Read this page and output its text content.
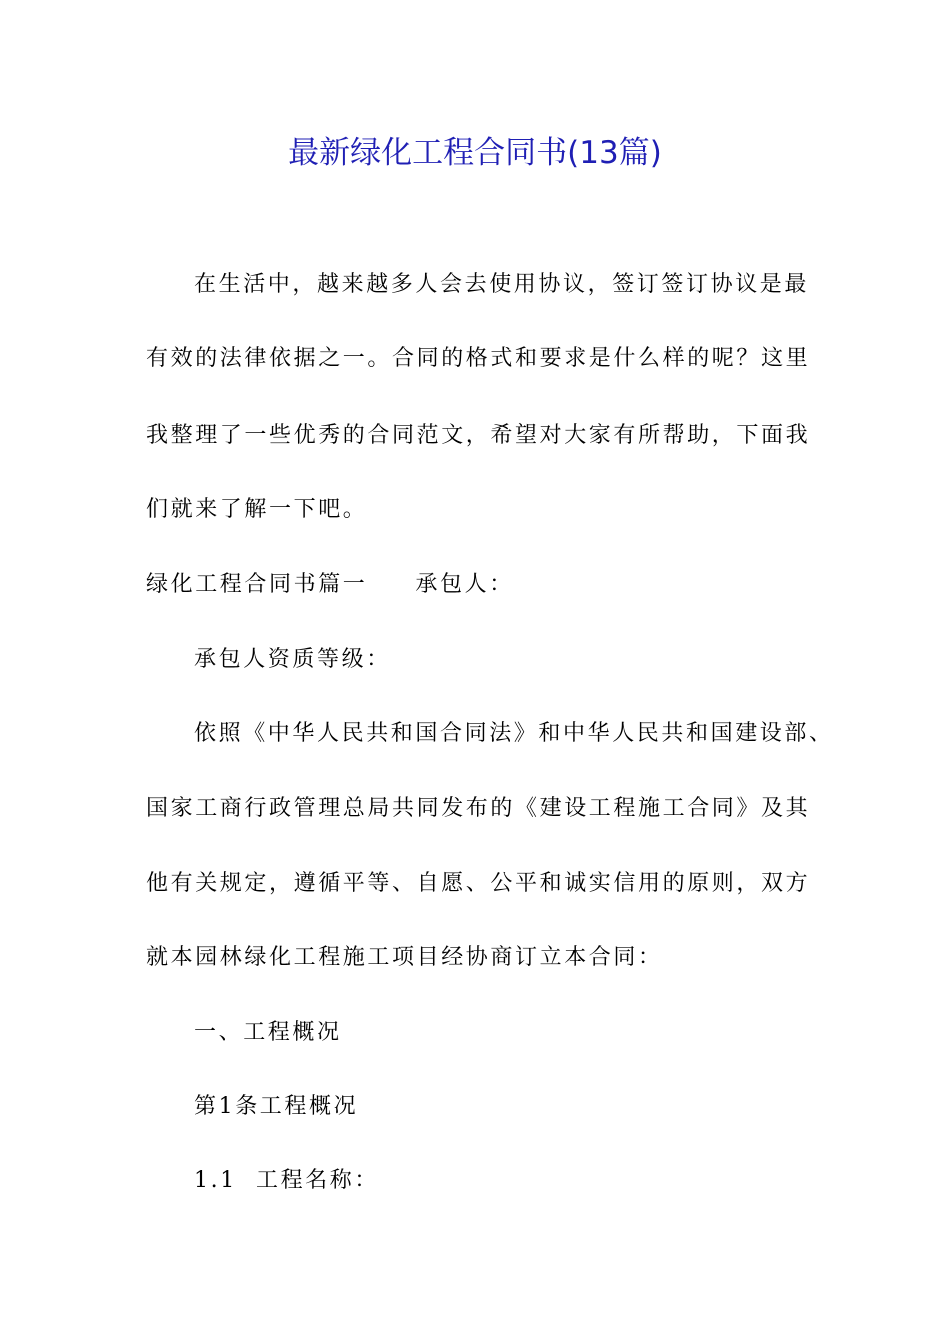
最新绿化工程合同书(13篇)

在生活中，越来越多人会去使用协议，签订签订协议是最

有效的法律依据之一。合同的格式和要求是什么样的呢？这里

我整理了一些优秀的合同范文，希望对大家有所帮助，下面我

们就来了解一下吧。

绿化工程合同书篇一 承包人：

承包人资质等级：

依照《中华人民共和国合同法》和中华人民共和国建设部、

国家工商行政管理总局共同发布的《建设工程施工合同》及其

他有关规定，遵循平等、自愿、公平和诚实信用的原则，双方

就本园林绿化工程施工项目经协商订立本合同：

一、工程概况

第1条工程概况

1.1  工程名称：
